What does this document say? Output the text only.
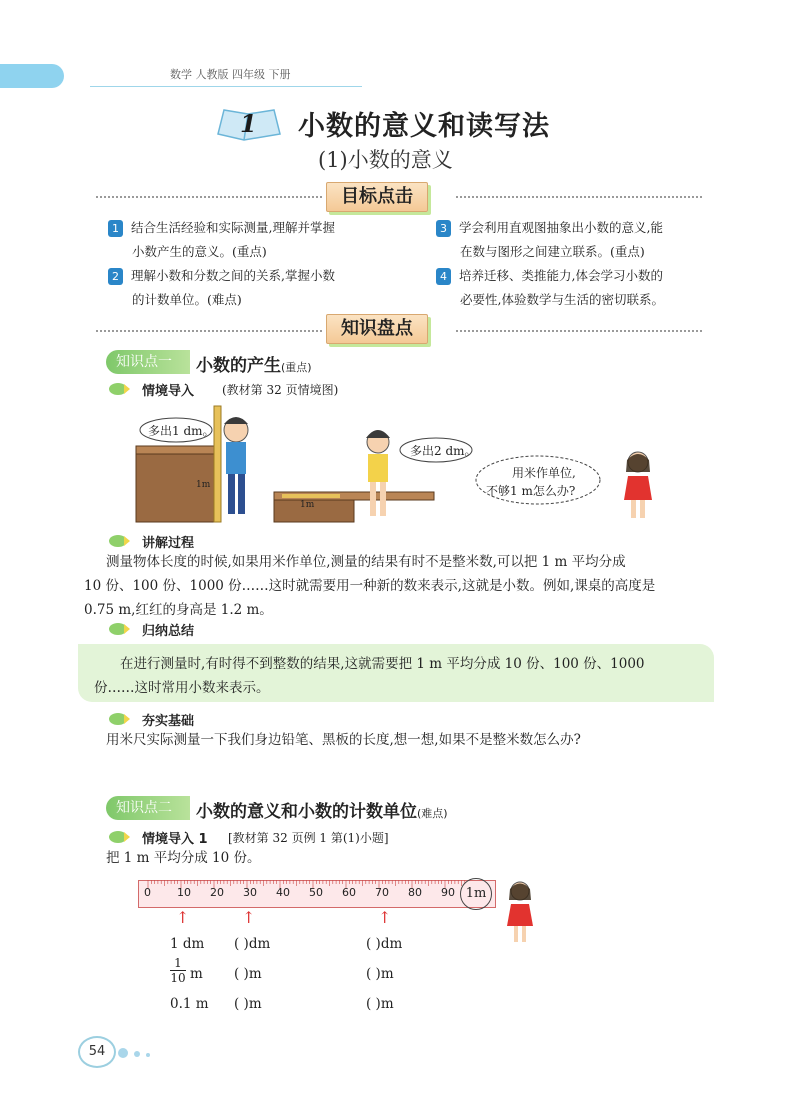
数学 人教版 四年级 下册
1 小数的意义和读写法
(1)小数的意义
目标点击
1 结合生活经验和实际测量,理解并掌握
小数产生的意义。(重点)
2 理解小数和分数之间的关系,掌握小数
的计数单位。(难点)
3 学会利用直观图抽象出小数的意义,能
在数与图形之间建立联系。(重点)
4 培养迁移、类推能力,体会学习小数的
必要性,体验数学与生活的密切联系。
知识盘点
知识点一	小数的产生(重点)
情境导入 (教材第 32 页情境图)
1m
1m
多出1 dm。
多出2 dm。
用米作单位,
不够1 m怎么办?
讲解过程
测量物体长度的时候,如果用米作单位,测量的结果有时不是整米数,可以把 1 m 平均分成
10 份、100 份、1000 份……这时就需要用一种新的数来表示,这就是小数。例如,课桌的高度是
0.75 m,红红的身高是 1.2 m。
归纳总结
在进行测量时,有时得不到整数的结果,这就需要把 1 m 平均分成 10 份、100 份、1000
份……这时常用小数来表示。
夯实基础
用米尺实际测量一下我们身边铅笔、黑板的长度,想一想,如果不是整米数怎么办?
知识点二	小数的意义和小数的计数单位(难点)
情境导入 1 [教材第 32 页例 1 第(1)小题]
把 1 m 平均分成 10 份。
0 10 20 30 40 50 60 70 80 90 1m
↑	↑	↑
1 dm ( )dm	( )dm
1
10 m ( )m	( )m
0.1 m ( )m	( )m
54
